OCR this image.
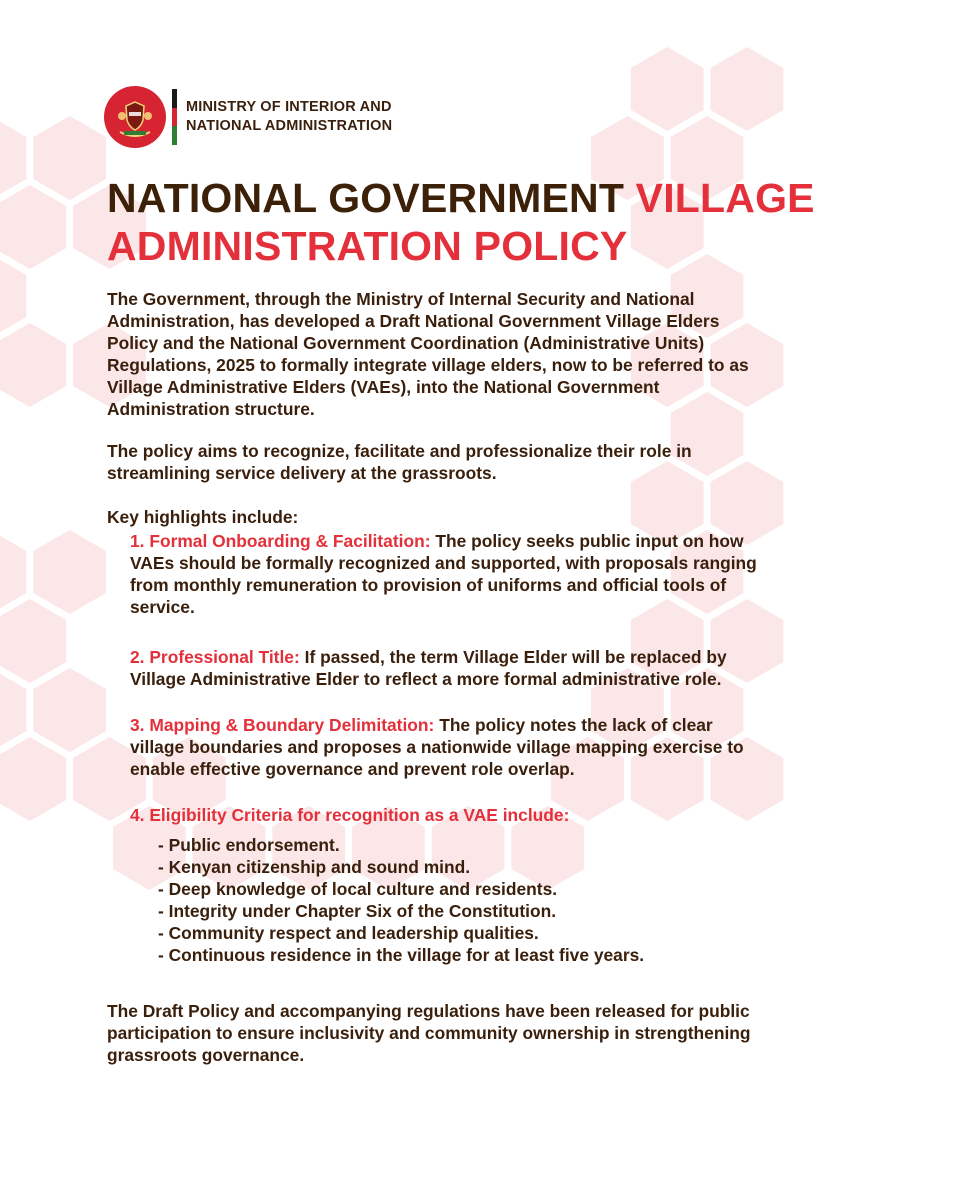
MINISTRY OF INTERIOR AND
NATIONAL ADMINISTRATION
NATIONAL GOVERNMENT VILLAGE
ADMINISTRATION POLICY
The Government, through the Ministry of Internal Security and National
Administration, has developed a Draft National Government Village Elders
Policy and the National Government Coordination (Administrative Units)
Regulations, 2025 to formally integrate village elders, now to be referred to as
Village Administrative Elders (VAEs), into the National Government
Administration structure.
The policy aims to recognize, facilitate and professionalize their role in
streamlining service delivery at the grassroots.
Key highlights include:
1. Formal Onboarding & Facilitation: The policy seeks public input on how
VAEs should be formally recognized and supported, with proposals ranging
from monthly remuneration to provision of uniforms and official tools of
service.
2. Professional Title: If passed, the term Village Elder will be replaced by
Village Administrative Elder to reflect a more formal administrative role.
3. Mapping & Boundary Delimitation: The policy notes the lack of clear
village boundaries and proposes a nationwide village mapping exercise to
enable effective governance and prevent role overlap.
4. Eligibility Criteria for recognition as a VAE include:
- Public endorsement.
- Kenyan citizenship and sound mind.
- Deep knowledge of local culture and residents.
- Integrity under Chapter Six of the Constitution.
- Community respect and leadership qualities.
- Continuous residence in the village for at least five years.
The Draft Policy and accompanying regulations have been released for public
participation to ensure inclusivity and community ownership in strengthening
grassroots governance.
